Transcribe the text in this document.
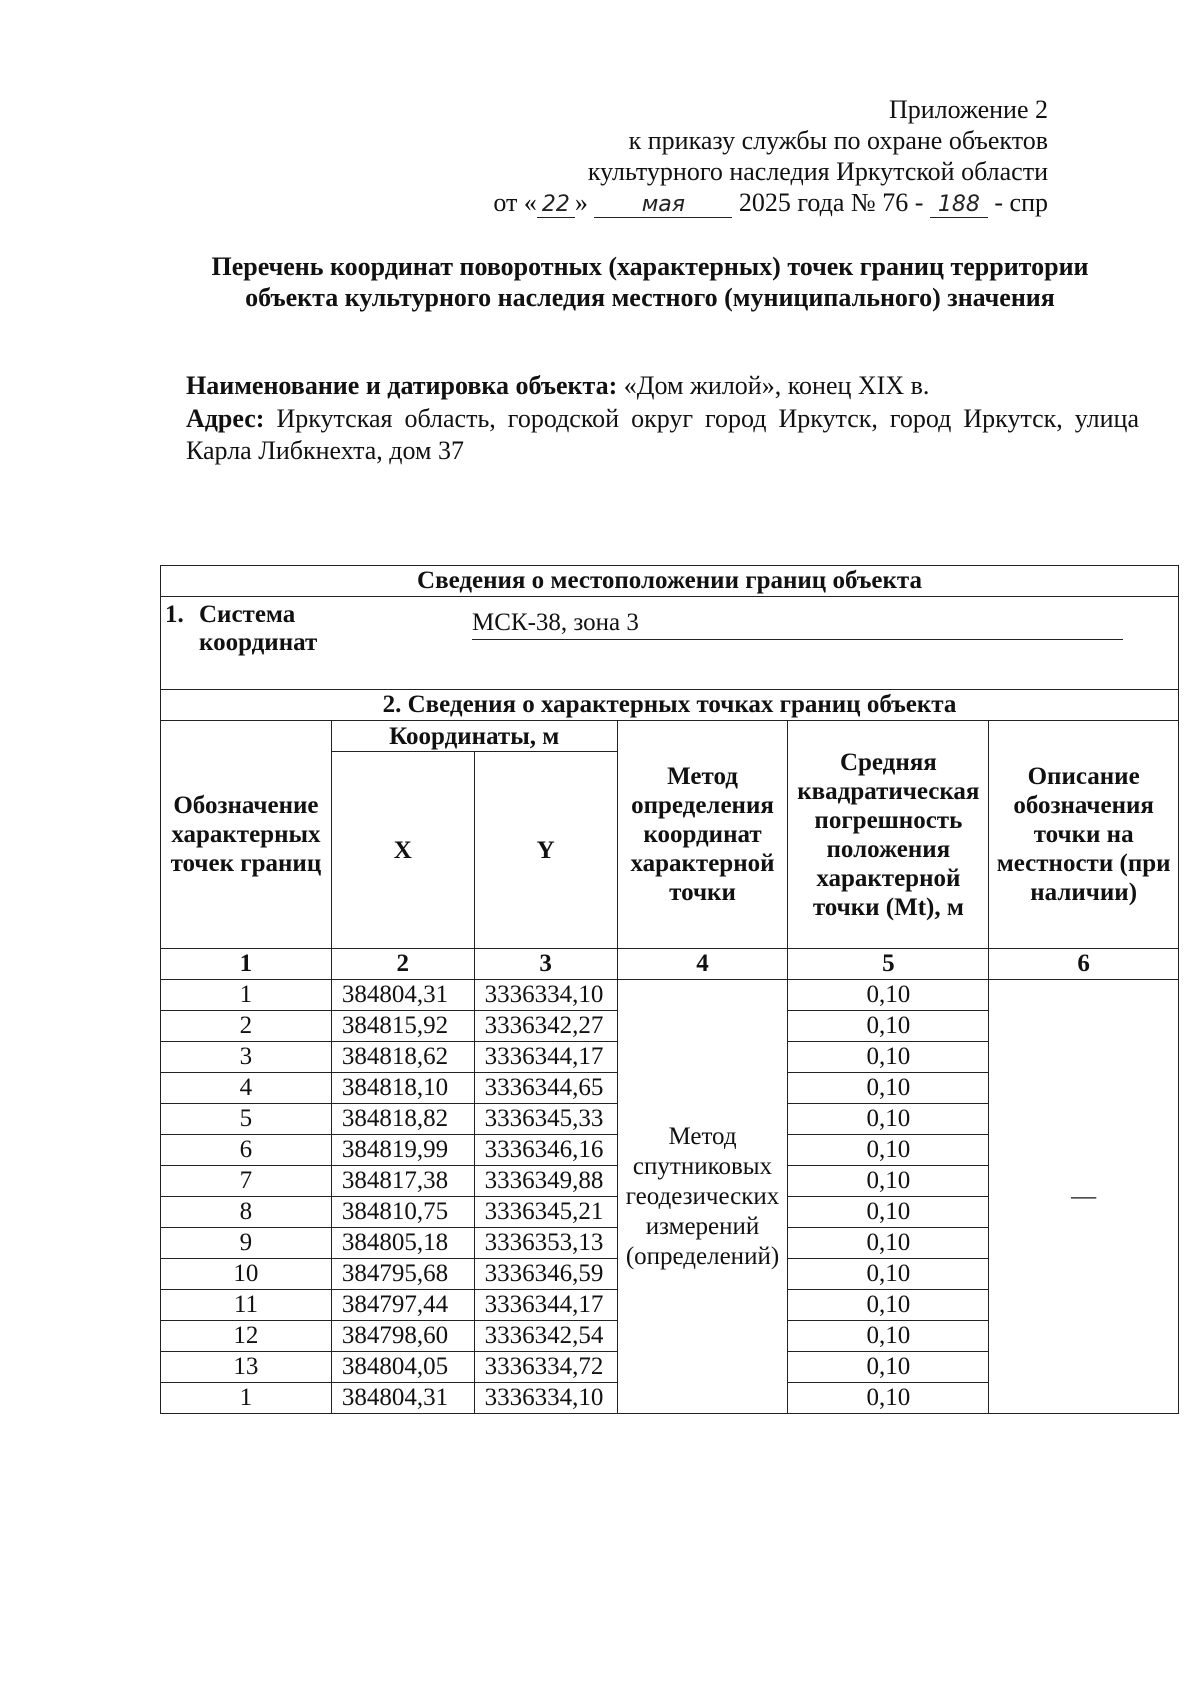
Приложение 2
к приказу службы по охране объектов
культурного наследия Иркутской области
от « 22 » мая 2025 года № 76 - 188 - спр
Перечень координат поворотных (характерных) точек границ территории объекта культурного наследия местного (муниципального) значения
Наименование и датировка объекта: «Дом жилой», конец XIX в.
Адрес: Иркутская область, городской округ город Иркутск, город Иркутск, улица Карла Либкнехта, дом 37
Сведения о местоположении границ объекта					

1. Система координат
МСК-38, зона 3					

2. Сведения о характерных точках границ объекта					
Обозначение характерных точек границ	Координаты, м		Метод определения координат характерной точки	Средняя квадратическая погрешность положения характерной точки (Mt), м	Описание обозначения точки на местности (при наличии)
	X	Y			
1	2	3	4	5	6
1	384804,31	3336334,10	Метод спутниковых геодезических измерений (определений)	0,10	—
2	384815,92	3336342,27		0,10	
3	384818,62	3336344,17		0,10	
4	384818,10	3336344,65		0,10	
5	384818,82	3336345,33		0,10	
6	384819,99	3336346,16		0,10	
7	384817,38	3336349,88		0,10	
8	384810,75	3336345,21		0,10	
9	384805,18	3336353,13		0,10	
10	384795,68	3336346,59		0,10	
11	384797,44	3336344,17		0,10	
12	384798,60	3336342,54		0,10	
13	384804,05	3336334,72		0,10	
1	384804,31	3336334,10		0,10	
